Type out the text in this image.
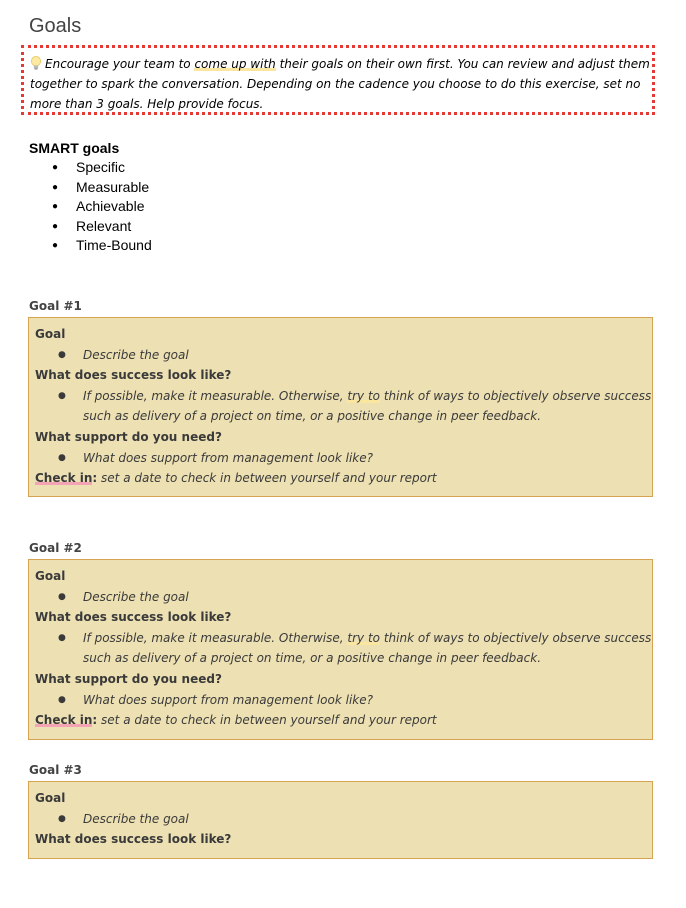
Goals
Encourage your team to come up with their goals on their own first. You can review and adjust them
together to spark the conversation. Depending on the cadence you choose to do this exercise, set no
more than 3 goals. Help provide focus.
SMART goals
● Specific
● Measurable
● Achievable
● Relevant
● Time-Bound
Goal #1
Goal
● Describe the goal
What does success look like?
● If possible, make it measurable. Otherwise, try to think of ways to objectively observe success
such as delivery of a project on time, or a positive change in peer feedback.
What support do you need?
● What does support from management look like?
Check in: set a date to check in between yourself and your report
Goal #2
Goal
● Describe the goal
What does success look like?
● If possible, make it measurable. Otherwise, try to think of ways to objectively observe success
such as delivery of a project on time, or a positive change in peer feedback.
What support do you need?
● What does support from management look like?
Check in: set a date to check in between yourself and your report
Goal #3
Goal
● Describe the goal
What does success look like?
